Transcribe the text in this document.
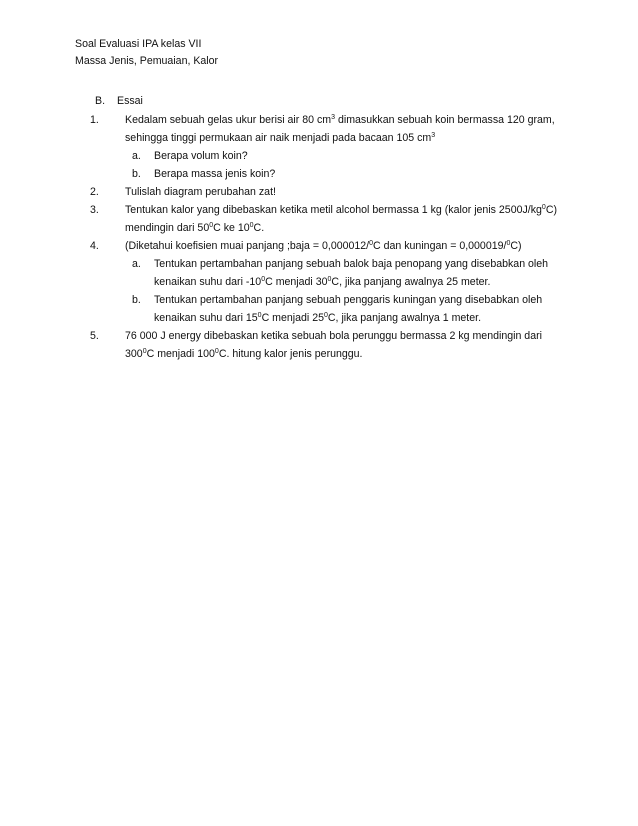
Soal Evaluasi IPA kelas VII
Massa Jenis, Pemuaian, Kalor
B.	Essai
1.	Kedalam sebuah gelas ukur berisi air 80 $cm^3$ dimasukkan sebuah koin bermassa 120 gram,
sehingga tinggi permukaan air naik menjadi pada bacaan 105 $cm^3$
a.	Berapa volum koin?
b.	Berapa massa jenis koin?
2.	Tulislah diagram perubahan zat!
3.	Tentukan kalor yang dibebaskan ketika metil alcohol bermassa 1 kg (kalor jenis $2500J/kg^0C$)
mendingin dari $50^0C$ ke $10^0C$.
4.	(Diketahui koefisien muai panjang ;baja = 0,000012/$^0$C dan kuningan = 0,000019/$^0$C)
a.	Tentukan pertambahan panjang sebuah balok baja penopang yang disebabkan oleh
kenaikan suhu dari $-10^0C$ menjadi $30^0C$, jika panjang awalnya 25 meter.
b.	Tentukan pertambahan panjang sebuah penggaris kuningan yang disebabkan oleh
kenaikan suhu dari $15^0C$ menjadi $25^0C$, jika panjang awalnya 1 meter.
5.	76 000 J energy dibebaskan ketika sebuah bola perunggu bermassa 2 kg mendingin dari
$300^0C$ menjadi $100^0C$. hitung kalor jenis perunggu.
